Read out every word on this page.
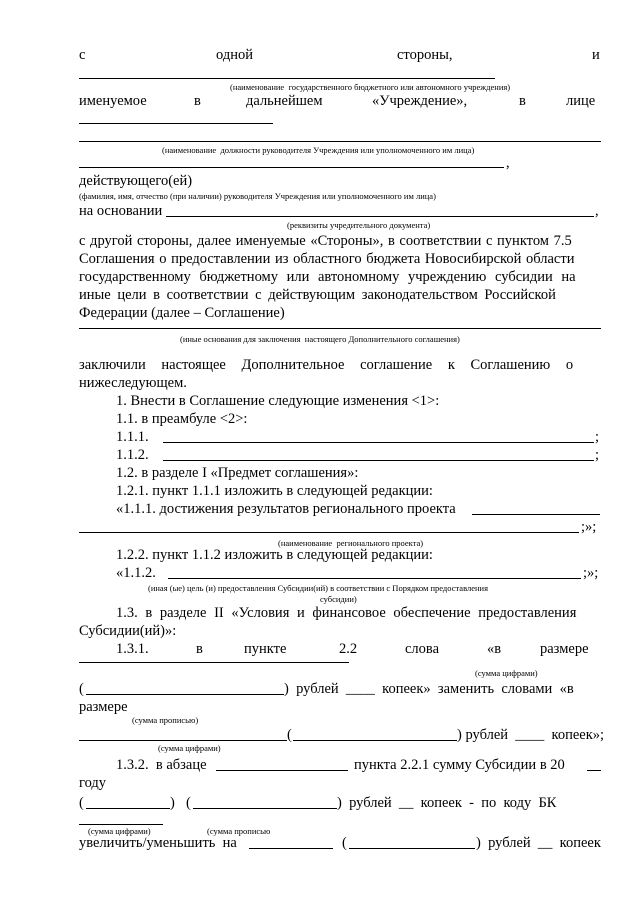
с	одной	стороны,	и
(наименование  государственного бюджетного или автономного учреждения)
именуемое	в	дальнейшем	«Учреждение»,	в	лице
(наименование  должности руководителя Учреждения или уполномоченного им лица)
,
действующего(ей)
(фамилия, имя, отчество (при наличии) руководителя Учреждения или уполномоченного им лица)
на основании	,
(реквизиты учредительного документа)
с другой стороны, далее именуемые «Стороны», в соответствии с пунктом 7.5
Соглашения о предоставлении из областного бюджета Новосибирской области
государственному бюджетному или автономному учреждению субсидии на
иные цели в соответствии с действующим законодательством Российской
Федерации (далее – Соглашение)
(иные основания для заключения  настоящего Дополнительного соглашения)
заключили настоящее Дополнительное соглашение к Соглашению о
нижеследующем.
1. Внести в Соглашение следующие изменения <1>:
1.1. в преамбуле <2>:
1.1.1.	;
1.1.2.	;
1.2. в разделе I «Предмет соглашения»:
1.2.1. пункт 1.1.1 изложить в следующей редакции:
«1.1.1. достижения результатов регионального проекта
;»;
(наименование  регионального проекта)
1.2.2. пункт 1.1.2 изложить в следующей редакции:
«1.1.2.	;»;
(иная (ые) цель (и) предоставления Субсидии(ий) в соответствии с Порядком предоставления
субсидии)
1.3. в разделе II «Условия и финансовое обеспечение предоставления
Субсидии(ий)»:
1.3.1.	в	пункте	2.2	слова	«в	размере
(сумма цифрами)
(	)  рублей  ____  копеек»  заменить  словами  «в
размере
(сумма прописью)
(	) рублей  ____  копеек»;
(сумма цифрами)
1.3.2.  в абзаце	пункта 2.2.1 сумму Субсидии в 20
году
(	) (	)  рублей  __  копеек  -  по  коду  БК
(сумма цифрами)	(сумма прописью
увеличить/уменьшить  на	(	)  рублей  __  копеек
